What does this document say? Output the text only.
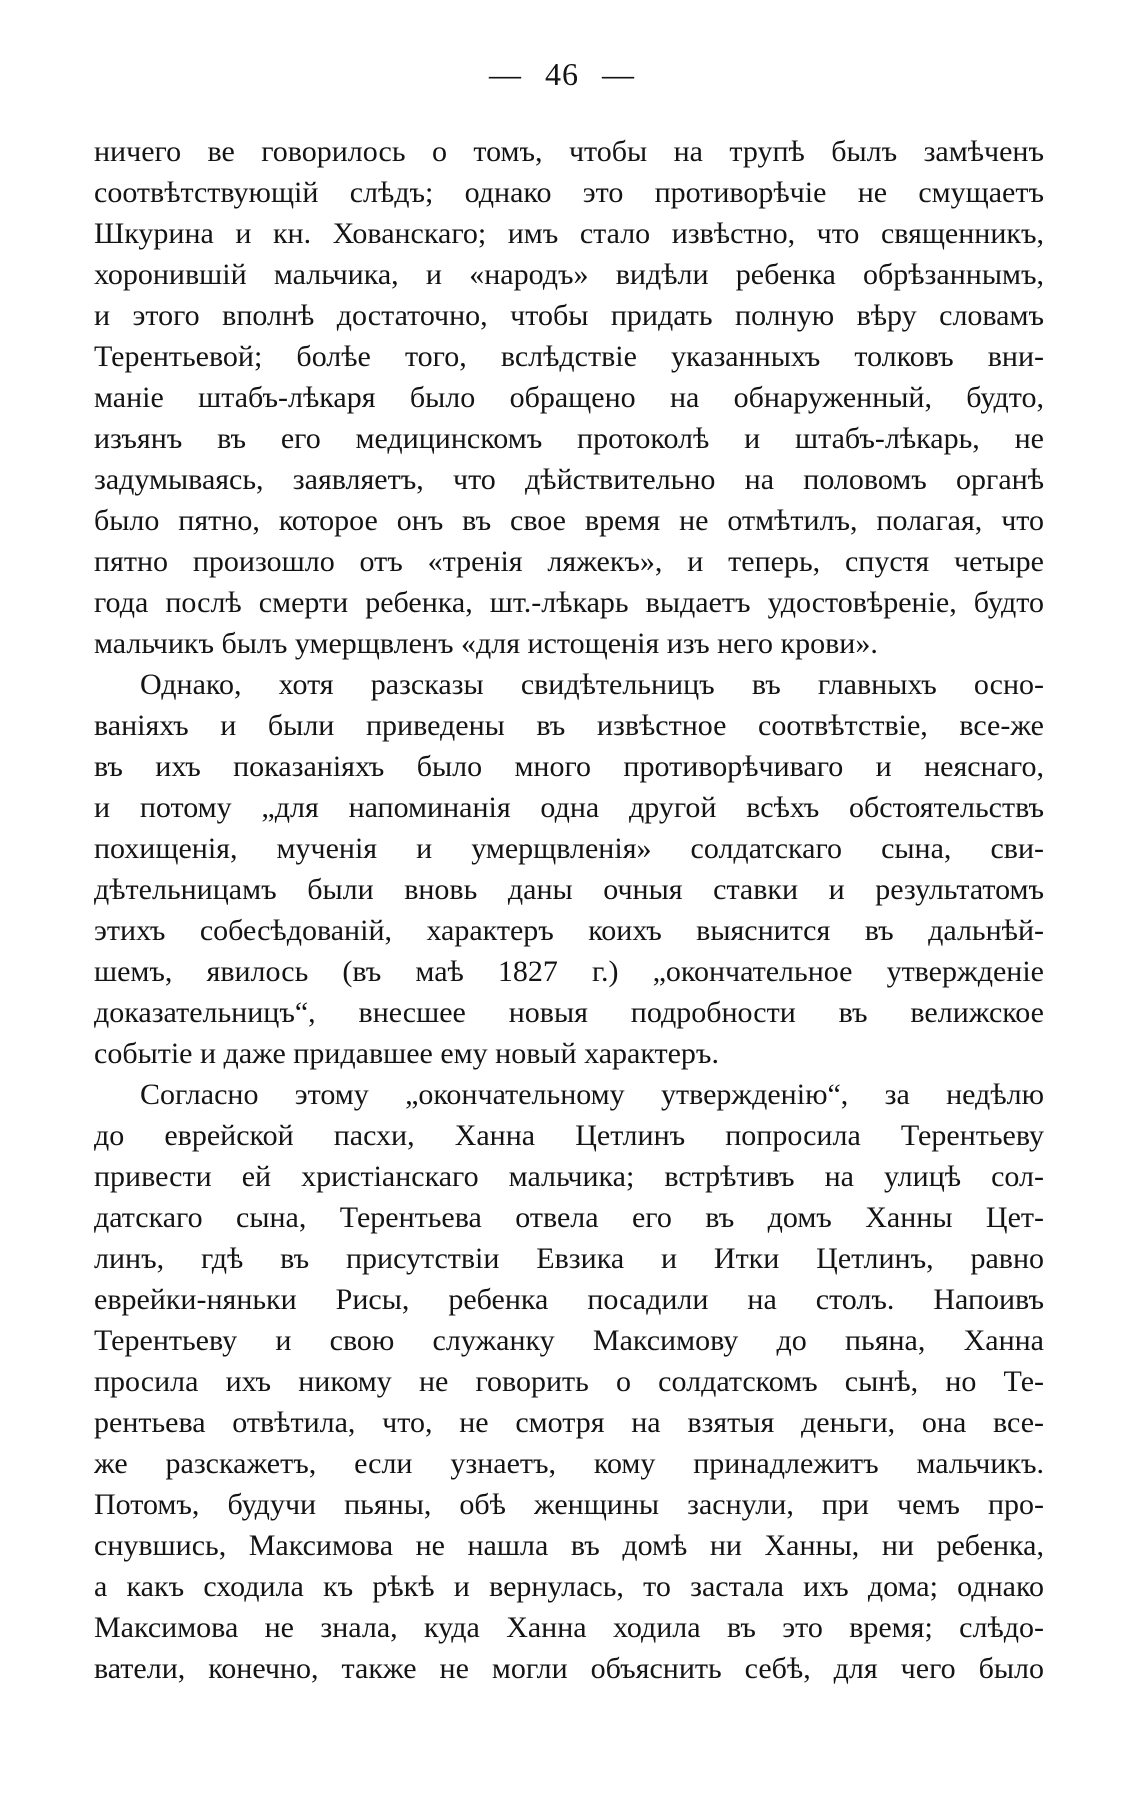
— 46 —
ничего ве говорилось о томъ, чтобы на трупѣ былъ замѣченъ
соотвѣтствующій слѣдъ; однако это противорѣчіе не смущаетъ
Шкурина и кн. Хованскаго; имъ стало извѣстно, что священникъ,
хоронившій мальчика, и «народъ» видѣли ребенка обрѣзаннымъ,
и этого вполнѣ достаточно, чтобы придать полную вѣру словамъ
Терентьевой; болѣе того, вслѣдствіе указанныхъ толковъ вни-
маніе штабъ-лѣкаря было обращено на обнаруженный, будто,
изъянъ въ его медицинскомъ протоколѣ и штабъ-лѣкарь, не
задумываясь, заявляетъ, что дѣйствительно на половомъ органѣ
было пятно, которое онъ въ свое время не отмѣтилъ, полагая, что
пятно произошло отъ «тренія ляжекъ», и теперь, спустя четыре
года послѣ смерти ребенка, шт.-лѣкарь выдаетъ удостовѣреніе, будто
мальчикъ былъ умерщвленъ «для истощенія изъ него крови».
Однако, хотя разсказы свидѣтельницъ въ главныхъ осно-
ваніяхъ и были приведены въ извѣстное соотвѣтствіе, все-же
въ ихъ показаніяхъ было много противорѣчиваго и неяснаго,
и потому „для напоминанія одна другой всѣхъ обстоятельствъ
похищенія, мученія и умерщвленія» солдатскаго сына, сви-
дѣтельницамъ были вновь даны очныя ставки и результатомъ
этихъ собесѣдованій, характеръ коихъ выяснится въ дальнѣй-
шемъ, явилось (въ маѣ 1827 г.) „окончательное утвержденіе
доказательницъ“, внесшее новыя подробности въ велижское
событіе и даже придавшее ему новый характеръ.
Согласно этому „окончательному утвержденію“, за недѣлю
до еврейской пасхи, Ханна Цетлинъ попросила Терентьеву
привести ей христіанскаго мальчика; встрѣтивъ на улицѣ сол-
датскаго сына, Терентьева отвела его въ домъ Ханны Цет-
линъ, гдѣ въ присутствіи Евзика и Итки Цетлинъ, равно
еврейки-няньки Рисы, ребенка посадили на столъ. Напоивъ
Терентьеву и свою служанку Максимову до пьяна, Ханна
просила ихъ никому не говорить о солдатскомъ сынѣ, но Те-
рентьева отвѣтила, что, не смотря на взятыя деньги, она все-
же разскажетъ, если узнаетъ, кому принадлежитъ мальчикъ.
Потомъ, будучи пьяны, обѣ женщины заснули, при чемъ про-
снувшись, Максимова не нашла въ домѣ ни Ханны, ни ребенка,
а какъ сходила къ рѣкѣ и вернулась, то застала ихъ дома; однако
Максимова не знала, куда Ханна ходила въ это время; слѣдо-
ватели, конечно, также не могли объяснить себѣ, для чего было
